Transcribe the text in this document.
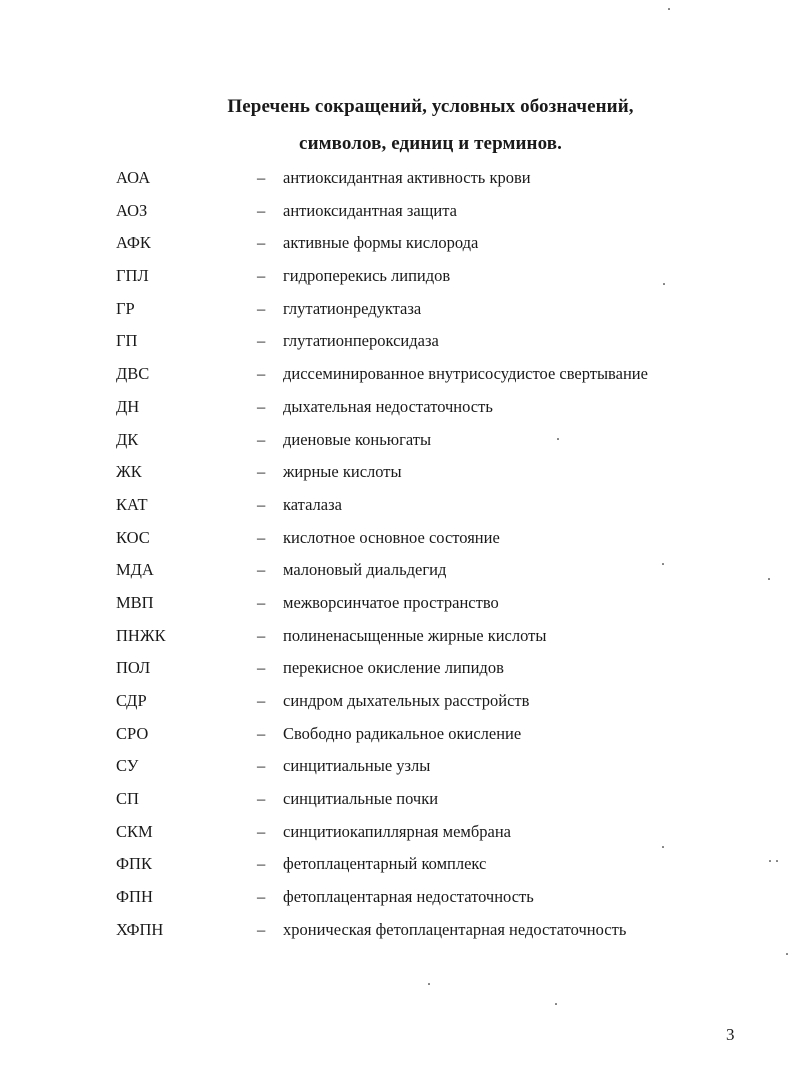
Перечень сокращений, условных обозначений,
символов, единиц и терминов.
АОА	– антиоксидантная активность крови
АОЗ	– антиоксидантная защита
АФК	– активные формы кислорода
ГПЛ	– гидроперекись липидов
ГР	– глутатионредуктаза
ГП	– глутатионпероксидаза
ДВС	– диссеминированное внутрисосудистое свертывание
ДН	– дыхательная недостаточность
ДК	– диеновые коньюгаты
ЖК	– жирные кислоты
КАТ	– каталаза
КОС	– кислотное основное состояние
МДА	– малоновый диальдегид
МВП	– межворсинчатое пространство
ПНЖК	– полиненасыщенные жирные кислоты
ПОЛ	– перекисное окисление липидов
СДР	– синдром дыхательных расстройств
СРО	– Свободно радикальное окисление
СУ	– синцитиальные узлы
СП	– синцитиальные почки
СКМ	– синцитиокапиллярная мембрана
ФПК	– фетоплацентарный комплекс
ФПН	– фетоплацентарная недостаточность
ХФПН	– хроническая фетоплацентарная недостаточность
3
